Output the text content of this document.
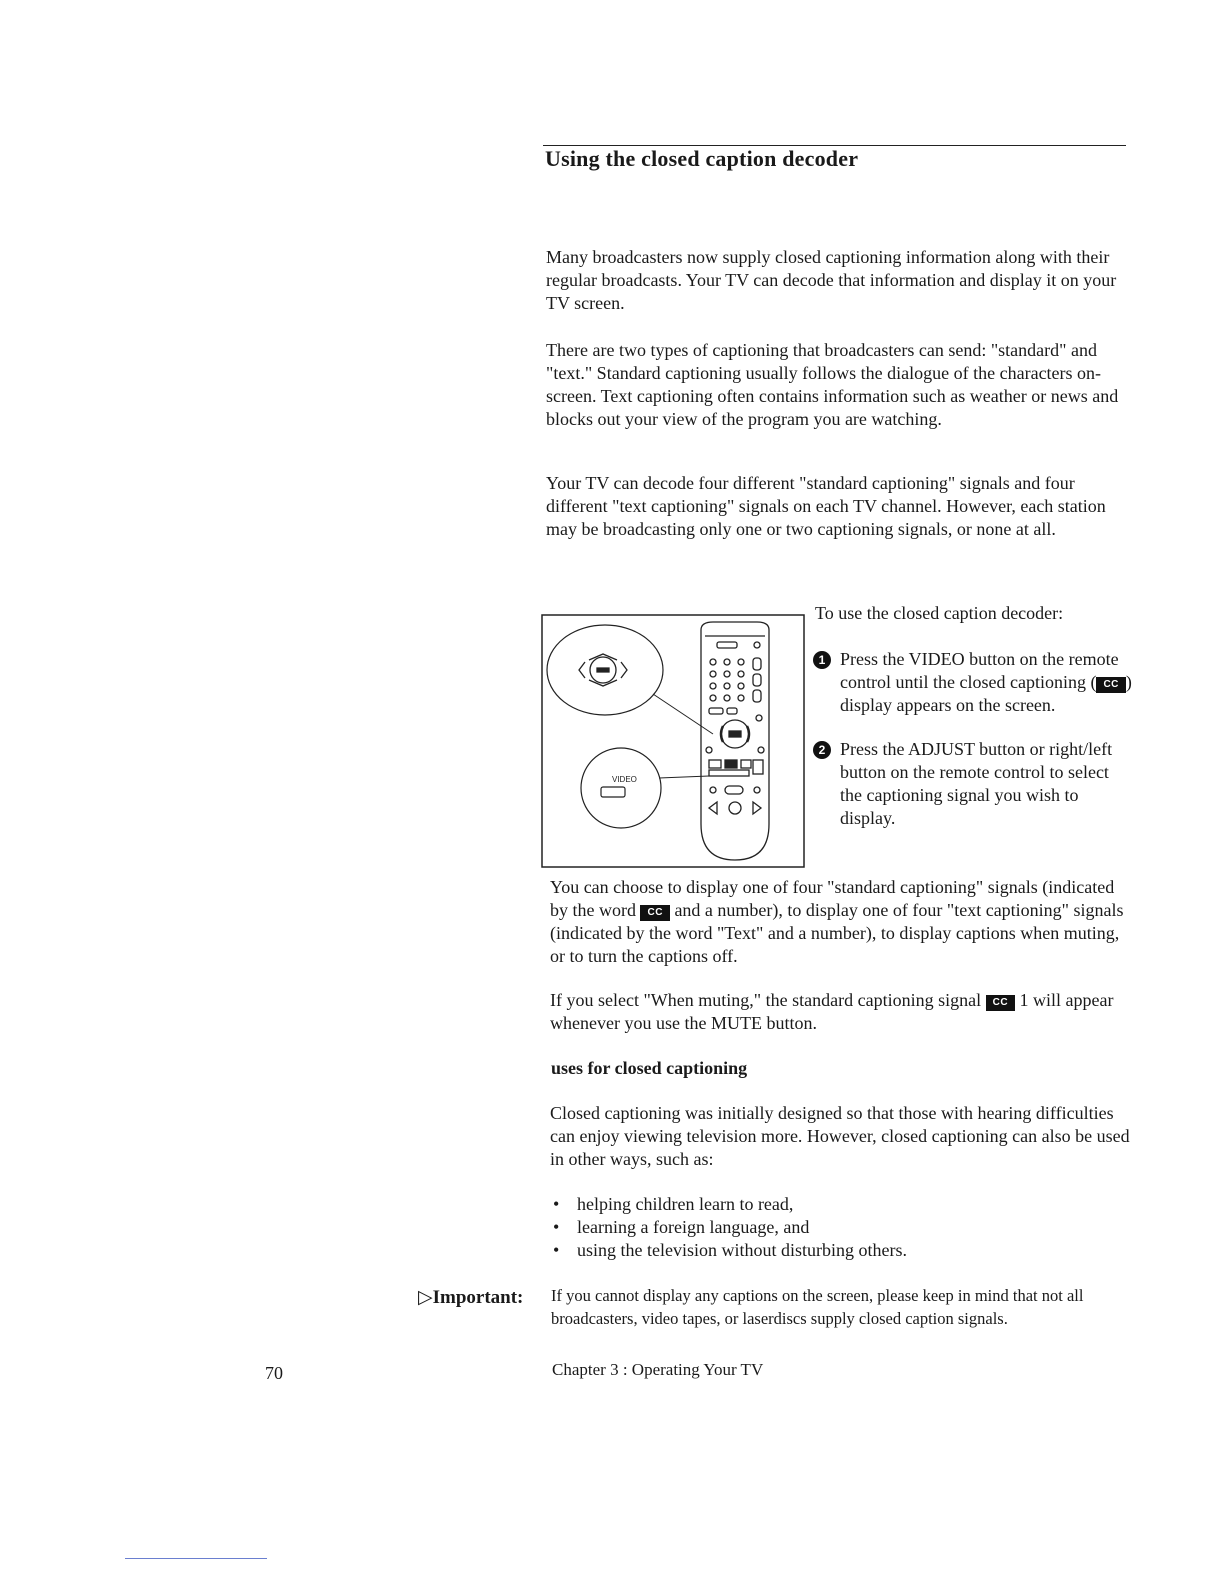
Using the closed caption decoder

Many broadcasters now supply closed captioning information along with their regular broadcasts. Your TV can decode that information and display it on your TV screen.

There are two types of captioning that broadcasters can send: "standard" and "text." Standard captioning usually follows the dialogue of the characters on-screen. Text captioning often contains information such as weather or news and blocks out your view of the program you are watching.

Your TV can decode four different "standard captioning" signals and four different "text captioning" signals on each TV channel. However, each station may be broadcasting only one or two captioning signals, or none at all.

VIDEO
To use the closed caption decoder:
1 Press the VIDEO button on the remote control until the closed captioning ( CC ) display appears on the screen.
2 Press the ADJUST button or right/left button on the remote control to select the captioning signal you wish to display.

You can choose to display one of four "standard captioning" signals (indicated by the word CC and a number), to display one of four "text captioning" signals (indicated by the word "Text" and a number), to display captions when muting, or to turn the captions off.

If you select "When muting," the standard captioning signal CC 1 will appear whenever you use the MUTE button.

uses for closed captioning

Closed captioning was initially designed so that those with hearing difficulties can enjoy viewing television more. However, closed captioning can also be used in other ways, such as:

• helping children learn to read,
• learning a foreign language, and
• using the television without disturbing others.
▷Important: If you cannot display any captions on the screen, please keep in mind that not all broadcasters, video tapes, or laserdiscs supply closed caption signals.

70	Chapter 3 : Operating Your TV
